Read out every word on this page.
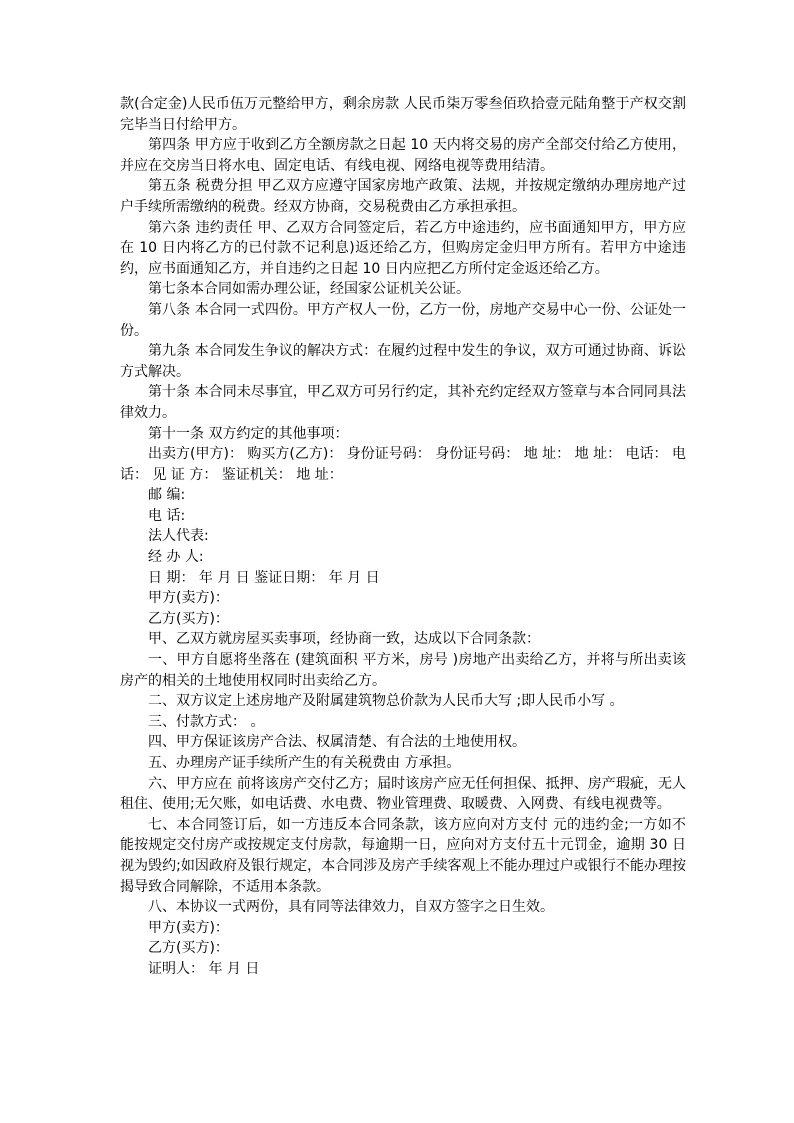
款(合定金)人民币伍万元整给甲方，剩余房款 人民币柒万零叁佰玖拾壹元陆角整于产权交割完毕当日付给甲方。

第四条 甲方应于收到乙方全额房款之日起 10 天内将交易的房产全部交付给乙方使用，并应在交房当日将水电、固定电话、有线电视、网络电视等费用结清。

第五条 税费分担 甲乙双方应遵守国家房地产政策、法规，并按规定缴纳办理房地产过户手续所需缴纳的税费。经双方协商，交易税费由乙方承担承担。

第六条 违约责任 甲、乙双方合同签定后，若乙方中途违约，应书面通知甲方，甲方应在 10 日内将乙方的已付款不记利息)返还给乙方，但购房定金归甲方所有。若甲方中途违约，应书面通知乙方，并自违约之日起 10 日内应把乙方所付定金返还给乙方。

第七条本合同如需办理公证，经国家公证机关公证。

第八条 本合同一式四份。甲方产权人一份，乙方一份，房地产交易中心一份、公证处一份。

第九条 本合同发生争议的解决方式：在履约过程中发生的争议，双方可通过协商、诉讼方式解决。

第十条 本合同未尽事宜，甲乙双方可另行约定，其补充约定经双方签章与本合同同具法律效力。

第十一条 双方约定的其他事项：

出卖方(甲方)： 购买方(乙方)： 身份证号码： 身份证号码： 地 址： 地 址： 电话： 电 话： 见 证 方： 鉴证机关： 地 址：

邮 编:

电 话:

法人代表:

经 办 人:

日 期： 年 月 日 鉴证日期： 年 月 日

甲方(卖方)：

乙方(买方)：

甲、乙双方就房屋买卖事项，经协商一致，达成以下合同条款：

一、甲方自愿将坐落在 (建筑面积 平方米，房号 )房地产出卖给乙方，并将与所出卖该房产的相关的土地使用权同时出卖给乙方。

二、双方议定上述房地产及附属建筑物总价款为人民币大写 ;即人民币小写 。

三、付款方式： 。

四、甲方保证该房产合法、权属清楚、有合法的土地使用权。

五、办理房产证手续所产生的有关税费由 方承担。

六、甲方应在 前将该房产交付乙方；届时该房产应无任何担保、抵押、房产瑕疵，无人租住、使用;无欠账，如电话费、水电费、物业管理费、取暖费、入网费、有线电视费等。

七、本合同签订后，如一方违反本合同条款，该方应向对方支付 元的违约金;一方如不能按规定交付房产或按规定支付房款，每逾期一日，应向对方支付五十元罚金，逾期 30 日视为毁约;如因政府及银行规定，本合同涉及房产手续客观上不能办理过户或银行不能办理按揭导致合同解除，不适用本条款。

八、本协议一式两份，具有同等法律效力，自双方签字之日生效。

甲方(卖方)：

乙方(买方)：

证明人： 年 月 日
